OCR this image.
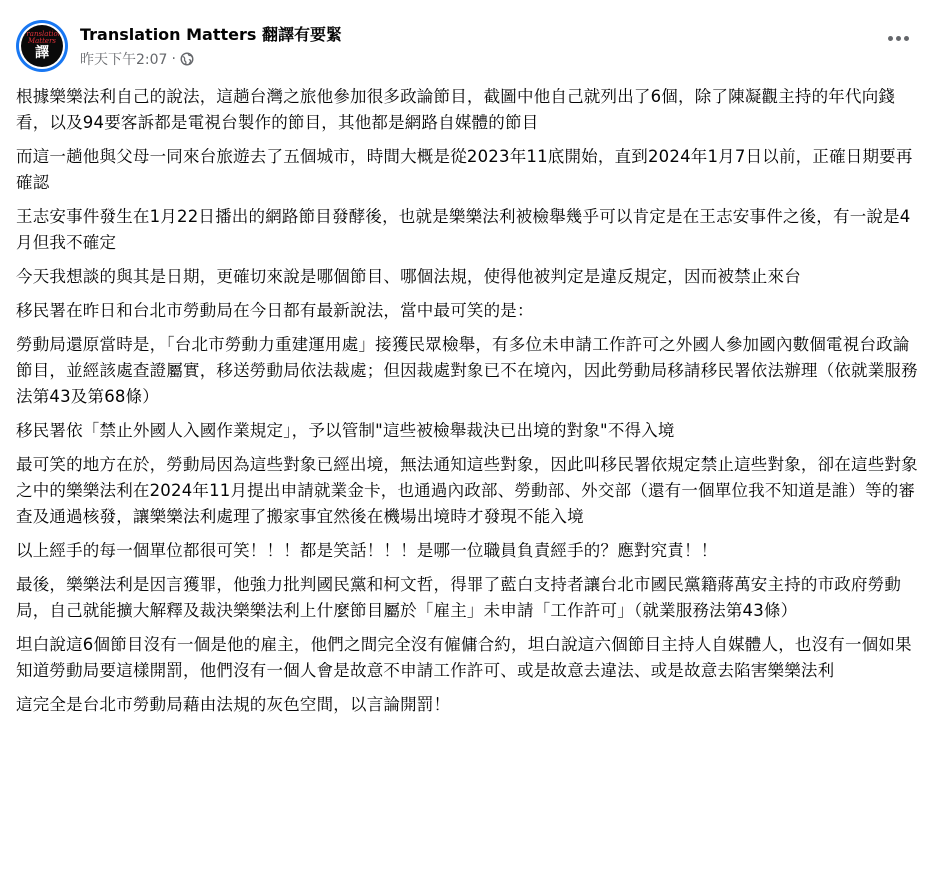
Translation Matters
譯
Translation Matters 翻譯有要緊
昨天下午2:07 ·

根據樂樂法利自己的說法，這趟台灣之旅他參加很多政論節目，截圖中他自己就列出了6個，除了陳凝觀主持的年代向錢看，以及94要客訴都是電視台製作的節目，其他都是網路自媒體的節目

而這一趟他與父母一同來台旅遊去了五個城市，時間大概是從2023年11底開始，直到2024年1月7日以前，正確日期要再確認

王志安事件發生在1月22日播出的網路節目發酵後，也就是樂樂法利被檢舉幾乎可以肯定是在王志安事件之後，有一說是4月但我不確定

今天我想談的與其是日期，更確切來說是哪個節目、哪個法規，使得他被判定是違反規定，因而被禁止來台

移民署在昨日和台北市勞動局在今日都有最新說法，當中最可笑的是：

勞動局還原當時是，「台北市勞動力重建運用處」接獲民眾檢舉，有多位未申請工作許可之外國人參加國內數個電視台政論節目，並經該處查證屬實，移送勞動局依法裁處；但因裁處對象已不在境內，因此勞動局移請移民署依法辦理（依就業服務法第43及第68條）

移民署依「禁止外國人入國作業規定」，予以管制"這些被檢舉裁決已出境的對象"不得入境

最可笑的地方在於，勞動局因為這些對象已經出境，無法通知這些對象，因此叫移民署依規定禁止這些對象，卻在這些對象之中的樂樂法利在2024年11月提出申請就業金卡，也通過內政部、勞動部、外交部（還有一個單位我不知道是誰）等的審查及通過核發，讓樂樂法利處理了搬家事宜然後在機場出境時才發現不能入境

以上經手的每一個單位都很可笑！！！都是笑話！！！是哪一位職員負責經手的？應對究責！！

最後，樂樂法利是因言獲罪，他強力批判國民黨和柯文哲，得罪了藍白支持者讓台北市國民黨籍蔣萬安主持的市政府勞動局，自己就能擴大解釋及裁決樂樂法利上什麼節目屬於「雇主」未申請「工作許可」（就業服務法第43條）

坦白說這6個節目沒有一個是他的雇主，他們之間完全沒有僱傭合約，坦白說這六個節目主持人自媒體人，也沒有一個如果知道勞動局要這樣開罰，他們沒有一個人會是故意不申請工作許可、或是故意去違法、或是故意去陷害樂樂法利

這完全是台北市勞動局藉由法規的灰色空間，以言論開罰！
